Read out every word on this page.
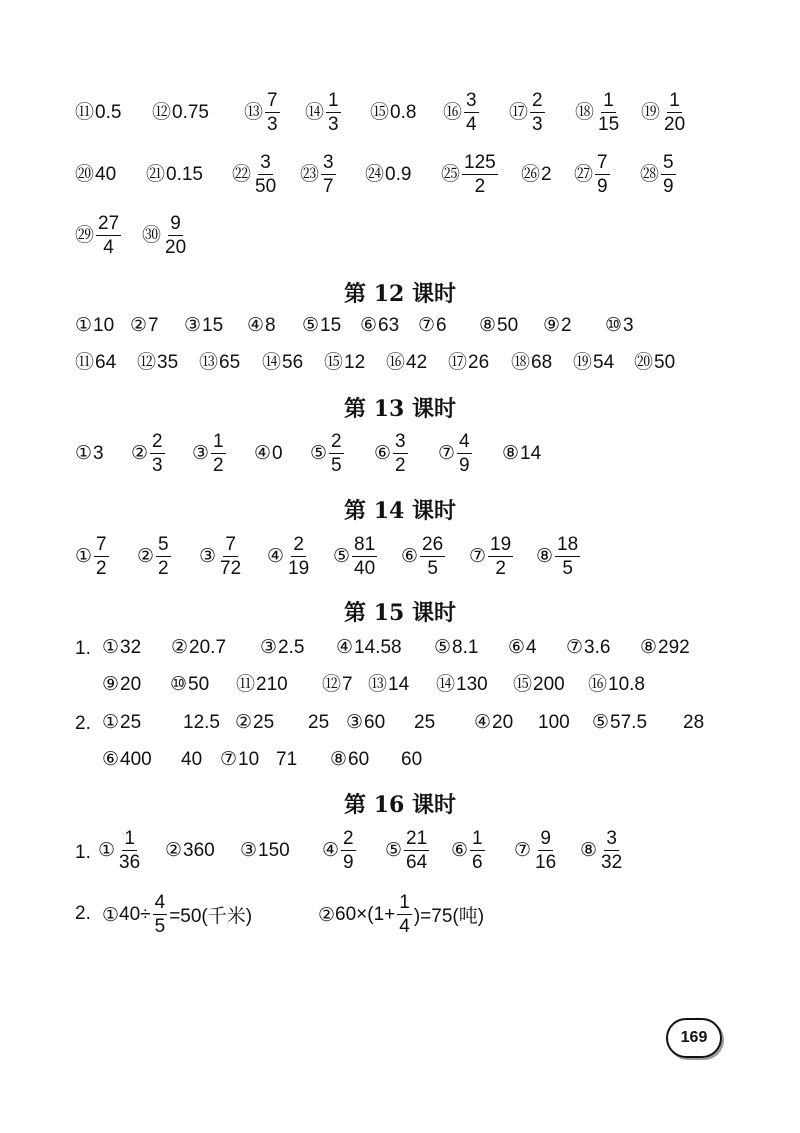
⑪ 0.5 ⑫ 0.75 ⑬ $\frac{7}{3}$ ⑭ $\frac{1}{3}$ ⑮ 0.8 ⑯ $\frac{3}{4}$ ⑰ $\frac{2}{3}$ ⑱ $\frac{1}{15}$ ⑲ $\frac{1}{20}$
⑳ 40 ㉑ 0.15 ㉒ $\frac{3}{50}$ ㉓ $\frac{3}{7}$ ㉔ 0.9 ㉕ $\frac{125}{2}$ ㉖ 2 ㉗ $\frac{7}{9}$ ㉘ $\frac{5}{9}$
㉙ $\frac{27}{4}$ ㉚ $\frac{9}{20}$
第 12 课时
① 10 ② 7 ③ 15 ④ 8 ⑤ 15 ⑥ 63 ⑦ 6 ⑧ 50 ⑨ 2 ⑩ 3
⑪ 64 ⑫ 35 ⑬ 65 ⑭ 56 ⑮ 12 ⑯ 42 ⑰ 26 ⑱ 68 ⑲ 54 ⑳ 50
第 13 课时
① 3 ② $\frac{2}{3}$ ③ $\frac{1}{2}$ ④ 0 ⑤ $\frac{2}{5}$ ⑥ $\frac{3}{2}$ ⑦ $\frac{4}{9}$ ⑧ 14
第 14 课时
① $\frac{7}{2}$ ② $\frac{5}{2}$ ③ $\frac{7}{72}$ ④ $\frac{2}{19}$ ⑤ $\frac{81}{40}$ ⑥ $\frac{26}{5}$ ⑦ $\frac{19}{2}$ ⑧ $\frac{18}{5}$
第 15 课时
1. ① 32 ② 20.7 ③ 2.5 ④ 14.58 ⑤ 8.1 ⑥ 4 ⑦ 3.6 ⑧ 292
⑨ 20 ⑩ 50 ⑪ 210 ⑫ 7 ⑬ 14 ⑭ 130 ⑮ 200 ⑯ 10.8
2. ① 25 12.5 ② 25 25 ③ 60 25 ④ 20 100 ⑤ 57.5 28
⑥ 400 40 ⑦ 10 71 ⑧ 60 60
第 16 课时
1. ① $\frac{1}{36}$ ② 360 ③ 150 ④ $\frac{2}{9}$ ⑤ $\frac{21}{64}$ ⑥ $\frac{1}{6}$ ⑦ $\frac{9}{16}$ ⑧ $\frac{3}{32}$
2. ① $40\div \frac{4}{5} =50$(千米)	② $60\times(1+ \frac{1}{4} )=75$(吨)
169
